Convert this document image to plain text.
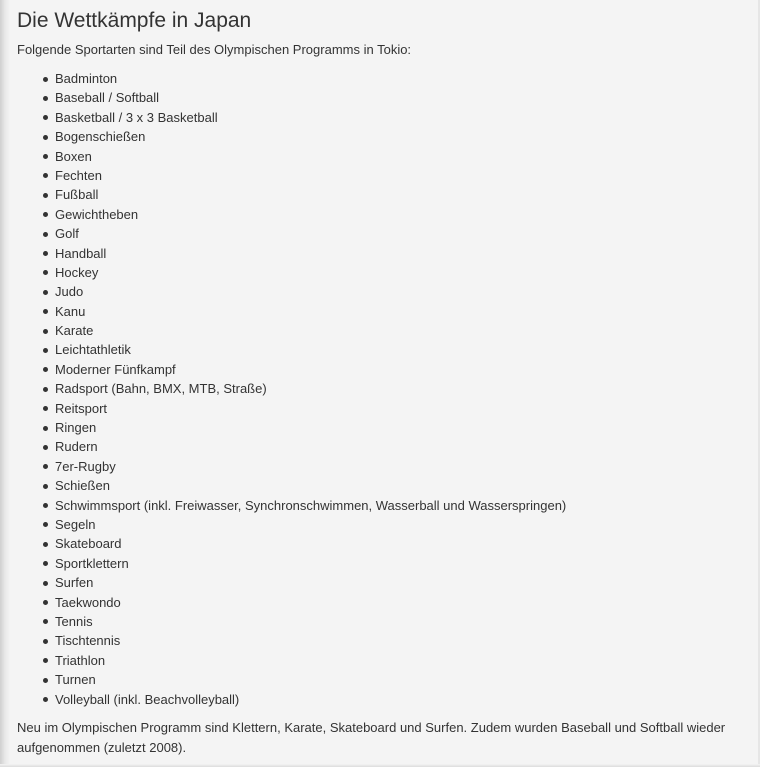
Die Wettkämpfe in Japan

Folgende Sportarten sind Teil des Olympischen Programms in Tokio:

Badminton
Baseball / Softball
Basketball / 3 x 3 Basketball
Bogenschießen
Boxen
Fechten
Fußball
Gewichtheben
Golf
Handball
Hockey
Judo
Kanu
Karate
Leichtathletik
Moderner Fünfkampf
Radsport (Bahn, BMX, MTB, Straße)
Reitsport
Ringen
Rudern
7er-Rugby
Schießen
Schwimmsport (inkl. Freiwasser, Synchronschwimmen, Wasserball und Wasserspringen)
Segeln
Skateboard
Sportklettern
Surfen
Taekwondo
Tennis
Tischtennis
Triathlon
Turnen
Volleyball (inkl. Beachvolleyball)

Neu im Olympischen Programm sind Klettern, Karate, Skateboard und Surfen. Zudem wurden Baseball und Softball wieder aufgenommen (zuletzt 2008).
